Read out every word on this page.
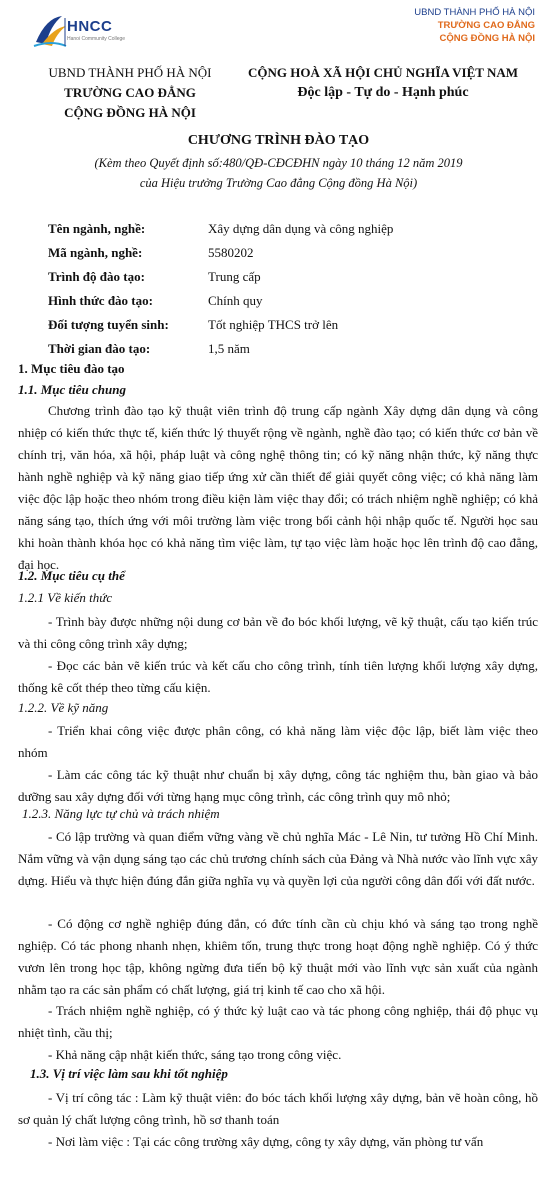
HNCC
Hanoi Community College
UBND THÀNH PHỐ HÀ NỘI
TRƯỜNG CAO ĐẲNG
CỘNG ĐỒNG HÀ NỘI
UBND THÀNH PHỐ HÀ NỘI
TRƯỜNG CAO ĐẲNG
CỘNG ĐỒNG HÀ NỘI
CỘNG HOÀ XÃ HỘI CHỦ NGHĨA VIỆT NAM
Độc lập - Tự do - Hạnh phúc
CHƯƠNG TRÌNH ĐÀO TẠO
(Kèm theo Quyết định số:480/QĐ-CĐCĐHN ngày 10 tháng 12 năm 2019
của Hiệu trưởng Trường Cao đẳng Cộng đồng Hà Nội)
Tên ngành, nghề:	Xây dựng dân dụng và công nghiệp
Mã ngành, nghề:	5580202
Trình độ đào tạo:	Trung cấp
Hình thức đào tạo:	Chính quy
Đối tượng tuyển sinh:	Tốt nghiệp THCS trở lên
Thời gian đào tạo:	1,5 năm
1. Mục tiêu đào tạo
1.1. Mục tiêu chung
Chương trình đào tạo kỹ thuật viên trình độ trung cấp ngành Xây dựng dân dụng và công nhiệp có kiến thức thực tế, kiến thức lý thuyết rộng về ngành, nghề đào tạo; có kiến thức cơ bản về chính trị, văn hóa, xã hội, pháp luật và công nghệ thông tin; có kỹ năng nhận thức, kỹ năng thực hành nghề nghiệp và kỹ năng giao tiếp ứng xử cần thiết để giải quyết công việc; có khả năng làm việc độc lập hoặc theo nhóm trong điều kiện làm việc thay đổi; có trách nhiệm nghề nghiệp; có khả năng sáng tạo, thích ứng với môi trường làm việc trong bối cảnh hội nhập quốc tế. Người học sau khi hoàn thành khóa học có khả năng tìm việc làm, tự tạo việc làm hoặc học lên trình độ cao đẳng, đại học.
1.2. Mục tiêu cụ thể
1.2.1 Về kiến thức
- Trình bày được những nội dung cơ bản về đo bóc khối lượng, vẽ kỹ thuật, cấu tạo kiến trúc và thi công công trình xây dựng;
- Đọc các bản vẽ kiến trúc và kết cấu cho công trình, tính tiên lượng khối lượng xây dựng, thống kê cốt thép theo từng cấu kiện.
1.2.2. Về kỹ năng
- Triển khai công việc được phân công, có khả năng làm việc độc lập, biết làm việc theo nhóm
- Làm các công tác kỹ thuật như chuẩn bị xây dựng, công tác nghiệm thu, bàn giao và bảo dưỡng sau xây dựng đối với từng hạng mục công trình, các công trình quy mô nhỏ;
1.2.3. Năng lực tự chủ và trách nhiệm
- Có lập trường và quan điểm vững vàng về chủ nghĩa Mác - Lê Nin, tư tưởng Hồ Chí Minh. Nắm vững và vận dụng sáng tạo các chủ trương chính sách của Đảng và Nhà nước vào lĩnh vực xây dựng. Hiểu và thực hiện đúng đắn giữa nghĩa vụ và quyền lợi của người công dân đối với đất nước.
- Có động cơ nghề nghiệp đúng đắn, có đức tính cần cù chịu khó và sáng tạo trong nghề nghiệp. Có tác phong nhanh nhẹn, khiêm tốn, trung thực trong hoạt động nghề nghiệp. Có ý thức vươn lên trong học tập, không ngừng đưa tiến bộ kỹ thuật mới vào lĩnh vực sản xuất của ngành nhằm tạo ra các sản phẩm có chất lượng, giá trị kinh tế cao cho xã hội.
- Trách nhiệm nghề nghiệp, có ý thức kỷ luật cao và tác phong công nghiệp, thái độ phục vụ nhiệt tình, cầu thị;
- Khả năng cập nhật kiến thức, sáng tạo trong công việc.
1.3. Vị trí việc làm sau khi tốt nghiệp
- Vị trí công tác : Làm kỹ thuật viên: đo bóc tách khối lượng xây dựng, bản vẽ hoàn công, hồ sơ quản lý chất lượng công trình, hồ sơ thanh toán
- Nơi làm việc : Tại các công trường xây dựng, công ty xây dựng, văn phòng tư vấn
